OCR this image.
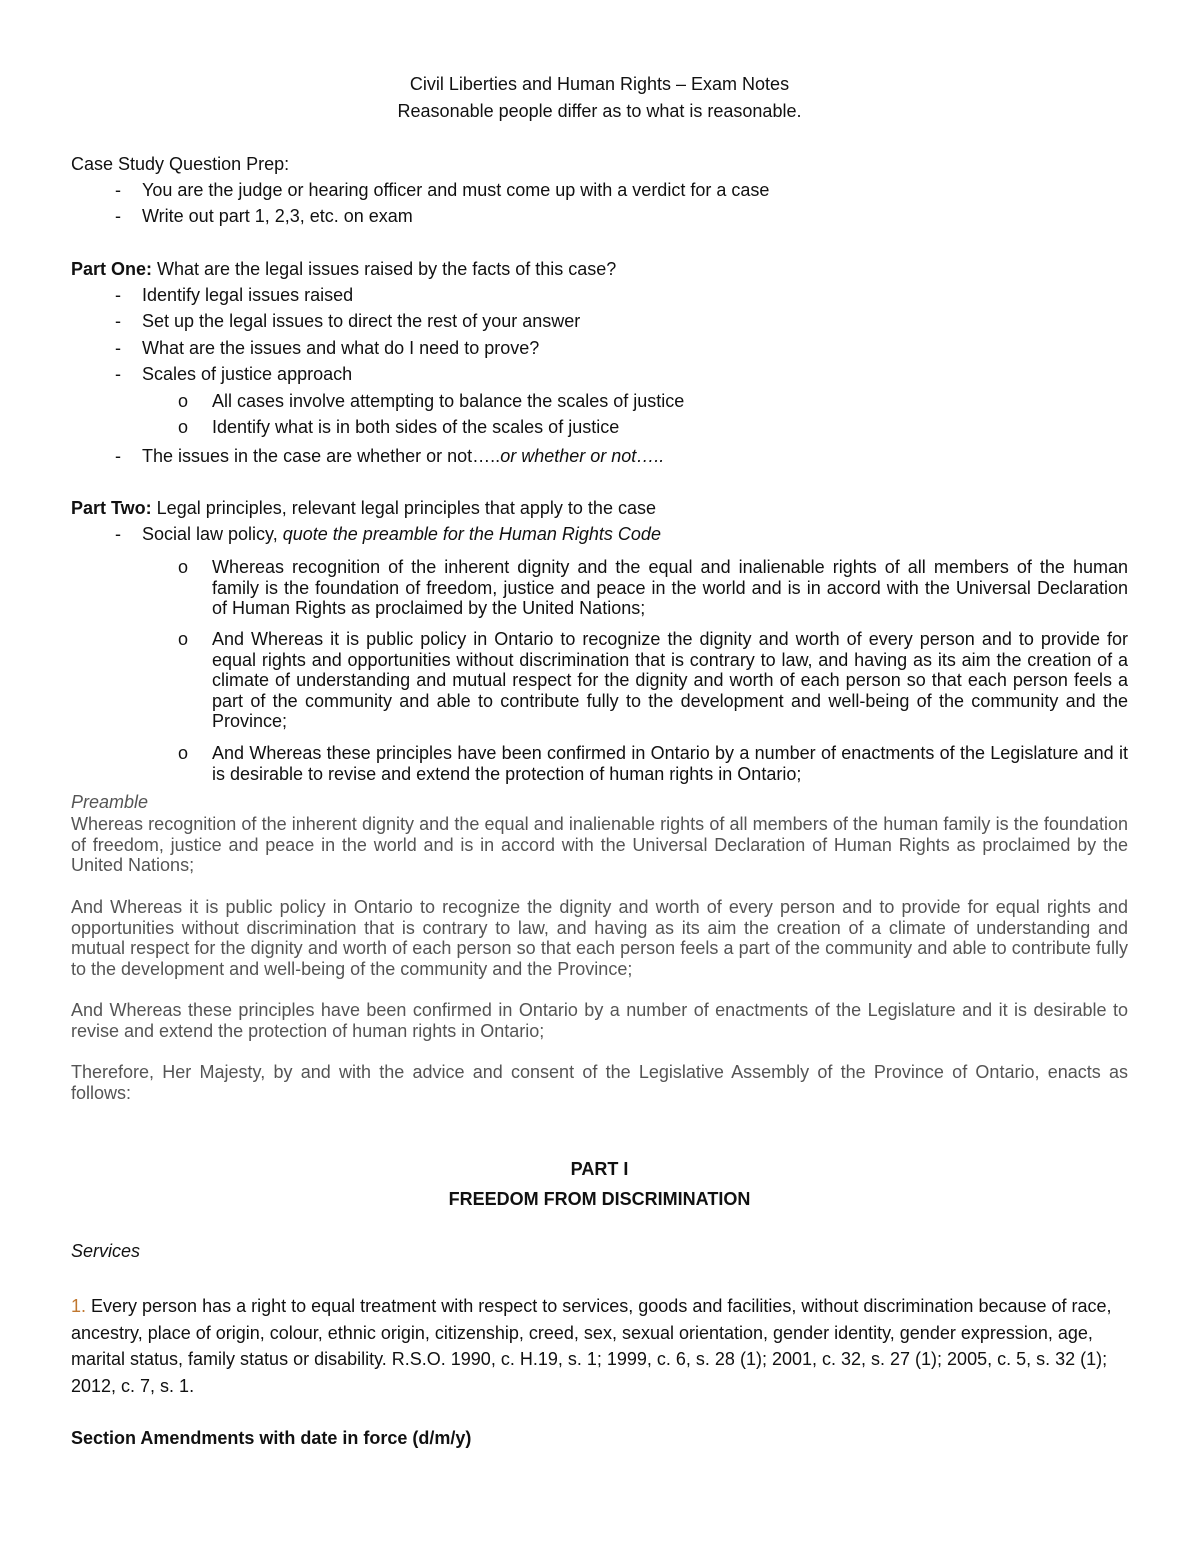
Civil Liberties and Human Rights – Exam Notes
Reasonable people differ as to what is reasonable.
Case Study Question Prep:
- You are the judge or hearing officer and must come up with a verdict for a case
- Write out part 1, 2,3, etc. on exam
Part One: What are the legal issues raised by the facts of this case?
- Identify legal issues raised
- Set up the legal issues to direct the rest of your answer
- What are the issues and what do I need to prove?
- Scales of justice approach
o All cases involve attempting to balance the scales of justice
o Identify what is in both sides of the scales of justice
- The issues in the case are whether or not…..or whether or not…..
Part Two: Legal principles, relevant legal principles that apply to the case
- Social law policy, quote the preamble for the Human Rights Code
o Whereas recognition of the inherent dignity and the equal and inalienable rights of all members of the human family is the foundation of freedom, justice and peace in the world and is in accord with the Universal Declaration of Human Rights as proclaimed by the United Nations;
o And Whereas it is public policy in Ontario to recognize the dignity and worth of every person and to provide for equal rights and opportunities without discrimination that is contrary to law, and having as its aim the creation of a climate of understanding and mutual respect for the dignity and worth of each person so that each person feels a part of the community and able to contribute fully to the development and well-being of the community and the Province;
o And Whereas these principles have been confirmed in Ontario by a number of enactments of the Legislature and it is desirable to revise and extend the protection of human rights in Ontario;
Preamble
Whereas recognition of the inherent dignity and the equal and inalienable rights of all members of the human family is the foundation of freedom, justice and peace in the world and is in accord with the Universal Declaration of Human Rights as proclaimed by the United Nations;
And Whereas it is public policy in Ontario to recognize the dignity and worth of every person and to provide for equal rights and opportunities without discrimination that is contrary to law, and having as its aim the creation of a climate of understanding and mutual respect for the dignity and worth of each person so that each person feels a part of the community and able to contribute fully to the development and well-being of the community and the Province;
And Whereas these principles have been confirmed in Ontario by a number of enactments of the Legislature and it is desirable to revise and extend the protection of human rights in Ontario;
Therefore, Her Majesty, by and with the advice and consent of the Legislative Assembly of the Province of Ontario, enacts as follows:
PART I
FREEDOM FROM DISCRIMINATION
Services
1. Every person has a right to equal treatment with respect to services, goods and facilities, without discrimination because of race, ancestry, place of origin, colour, ethnic origin, citizenship, creed, sex, sexual orientation, gender identity, gender expression, age, marital status, family status or disability. R.S.O. 1990, c. H.19, s. 1; 1999, c. 6, s. 28 (1); 2001, c. 32, s. 27 (1); 2005, c. 5, s. 32 (1); 2012, c. 7, s. 1.
Section Amendments with date in force (d/m/y)
